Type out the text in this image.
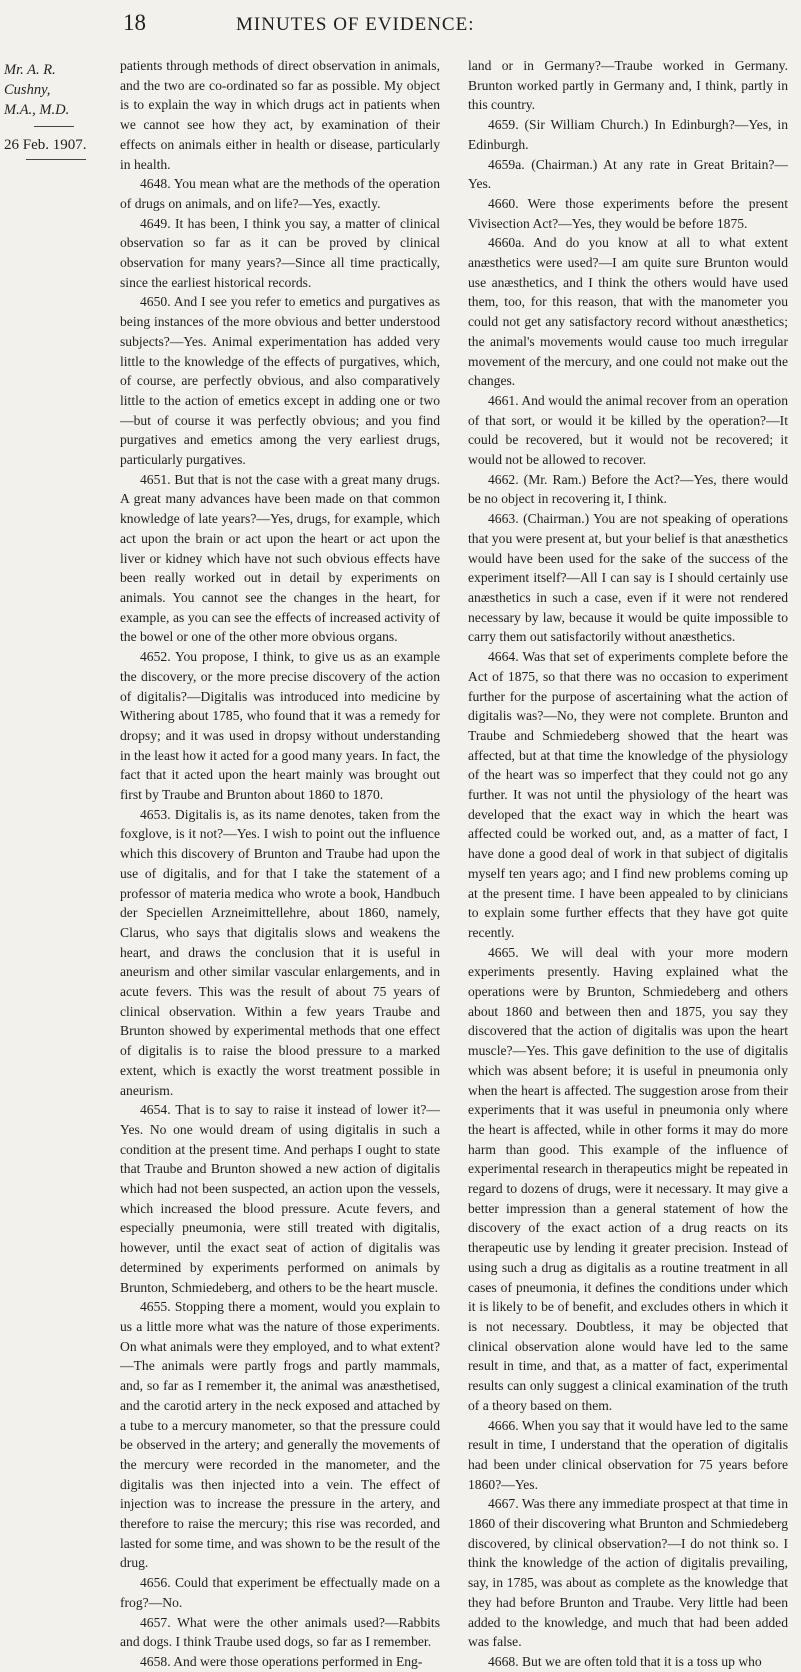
18	MINUTES OF EVIDENCE:
Mr. A. R.
Cushny,
M.A., M.D.
26 Feb. 1907.

patients through methods of direct observation in animals, and the two are co-ordinated so far as possible. My object is to explain the way in which drugs act in patients when we cannot see how they act, by examination of their effects on animals either in health or disease, particularly in health.

4648. You mean what are the methods of the operation of drugs on animals, and on life?—Yes, exactly.

4649. It has been, I think you say, a matter of clinical observation so far as it can be proved by clinical observation for many years?—Since all time practically, since the earliest historical records.

4650. And I see you refer to emetics and purgatives as being instances of the more obvious and better understood subjects?—Yes. Animal experimentation has added very little to the knowledge of the effects of purgatives, which, of course, are perfectly obvious, and also comparatively little to the action of emetics except in adding one or two—but of course it was perfectly obvious; and you find purgatives and emetics among the very earliest drugs, particularly purgatives.

4651. But that is not the case with a great many drugs. A great many advances have been made on that common knowledge of late years?—Yes, drugs, for example, which act upon the brain or act upon the heart or act upon the liver or kidney which have not such obvious effects have been really worked out in detail by experiments on animals. You cannot see the changes in the heart, for example, as you can see the effects of increased activity of the bowel or one of the other more obvious organs.

4652. You propose, I think, to give us as an example the discovery, or the more precise discovery of the action of digitalis?—Digitalis was introduced into medicine by Withering about 1785, who found that it was a remedy for dropsy; and it was used in dropsy without understanding in the least how it acted for a good many years. In fact, the fact that it acted upon the heart mainly was brought out first by Traube and Brunton about 1860 to 1870.

4653. Digitalis is, as its name denotes, taken from the foxglove, is it not?—Yes. I wish to point out the influence which this discovery of Brunton and Traube had upon the use of digitalis, and for that I take the statement of a professor of materia medica who wrote a book, Handbuch der Speciellen Arzneimittellehre, about 1860, namely, Clarus, who says that digitalis slows and weakens the heart, and draws the conclusion that it is useful in aneurism and other similar vascular enlargements, and in acute fevers. This was the result of about 75 years of clinical observation. Within a few years Traube and Brunton showed by experimental methods that one effect of digitalis is to raise the blood pressure to a marked extent, which is exactly the worst treatment possible in aneurism.

4654. That is to say to raise it instead of lower it?—Yes. No one would dream of using digitalis in such a condition at the present time. And perhaps I ought to state that Traube and Brunton showed a new action of digitalis which had not been suspected, an action upon the vessels, which increased the blood pressure. Acute fevers, and especially pneumonia, were still treated with digitalis, however, until the exact seat of action of digitalis was determined by experiments performed on animals by Brunton, Schmiedeberg, and others to be the heart muscle.

4655. Stopping there a moment, would you explain to us a little more what was the nature of those experiments. On what animals were they employed, and to what extent?—The animals were partly frogs and partly mammals, and, so far as I remember it, the animal was anæsthetised, and the carotid artery in the neck exposed and attached by a tube to a mercury manometer, so that the pressure could be observed in the artery; and generally the movements of the mercury were recorded in the manometer, and the digitalis was then injected into a vein. The effect of injection was to increase the pressure in the artery, and therefore to raise the mercury; this rise was recorded, and lasted for some time, and was shown to be the result of the drug.

4656. Could that experiment be effectually made on a frog?—No.

4657. What were the other animals used?—Rabbits and dogs. I think Traube used dogs, so far as I remember.

4658. And were those operations performed in Eng-

land or in Germany?—Traube worked in Germany. Brunton worked partly in Germany and, I think, partly in this country.

4659. (Sir William Church.) In Edinburgh?—Yes, in Edinburgh.

4659a. (Chairman.) At any rate in Great Britain?—Yes.

4660. Were those experiments before the present Vivisection Act?—Yes, they would be before 1875.

4660a. And do you know at all to what extent anæsthetics were used?—I am quite sure Brunton would use anæsthetics, and I think the others would have used them, too, for this reason, that with the manometer you could not get any satisfactory record without anæsthetics; the animal's movements would cause too much irregular movement of the mercury, and one could not make out the changes.

4661. And would the animal recover from an operation of that sort, or would it be killed by the operation?—It could be recovered, but it would not be recovered; it would not be allowed to recover.

4662. (Mr. Ram.) Before the Act?—Yes, there would be no object in recovering it, I think.

4663. (Chairman.) You are not speaking of operations that you were present at, but your belief is that anæsthetics would have been used for the sake of the success of the experiment itself?—All I can say is I should certainly use anæsthetics in such a case, even if it were not rendered necessary by law, because it would be quite impossible to carry them out satisfactorily without anæsthetics.

4664. Was that set of experiments complete before the Act of 1875, so that there was no occasion to experiment further for the purpose of ascertaining what the action of digitalis was?—No, they were not complete. Brunton and Traube and Schmiedeberg showed that the heart was affected, but at that time the knowledge of the physiology of the heart was so imperfect that they could not go any further. It was not until the physiology of the heart was developed that the exact way in which the heart was affected could be worked out, and, as a matter of fact, I have done a good deal of work in that subject of digitalis myself ten years ago; and I find new problems coming up at the present time. I have been appealed to by clinicians to explain some further effects that they have got quite recently.

4665. We will deal with your more modern experiments presently. Having explained what the operations were by Brunton, Schmiedeberg and others about 1860 and between then and 1875, you say they discovered that the action of digitalis was upon the heart muscle?—Yes. This gave definition to the use of digitalis which was absent before; it is useful in pneumonia only when the heart is affected. The suggestion arose from their experiments that it was useful in pneumonia only where the heart is affected, while in other forms it may do more harm than good. This example of the influence of experimental research in therapeutics might be repeated in regard to dozens of drugs, were it necessary. It may give a better impression than a general statement of how the discovery of the exact action of a drug reacts on its therapeutic use by lending it greater precision. Instead of using such a drug as digitalis as a routine treatment in all cases of pneumonia, it defines the conditions under which it is likely to be of benefit, and excludes others in which it is not necessary. Doubtless, it may be objected that clinical observation alone would have led to the same result in time, and that, as a matter of fact, experimental results can only suggest a clinical examination of the truth of a theory based on them.

4666. When you say that it would have led to the same result in time, I understand that the operation of digitalis had been under clinical observation for 75 years before 1860?—Yes.

4667. Was there any immediate prospect at that time in 1860 of their discovering what Brunton and Schmiedeberg discovered, by clinical observation?—I do not think so. I think the knowledge of the action of digitalis prevailing, say, in 1785, was about as complete as the knowledge that they had before Brunton and Traube. Very little had been added to the knowledge, and much that had been added was false.

4668. But we are often told that it is a toss up who
